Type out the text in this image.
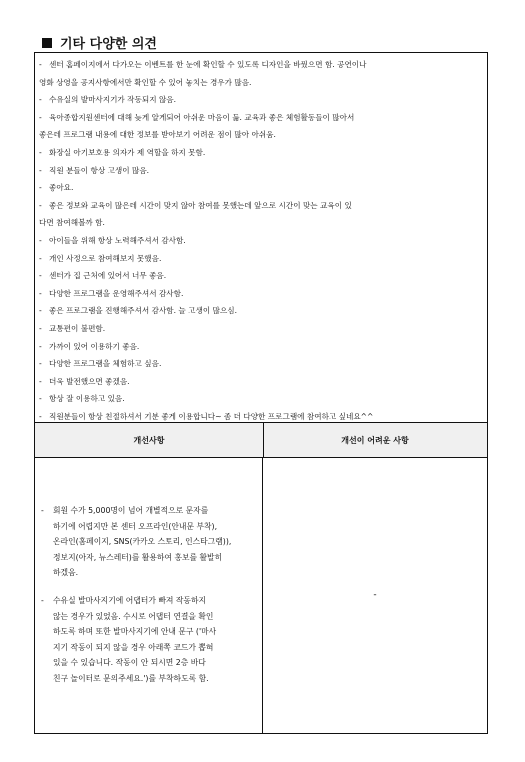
기타 다양한 의견
- 센터 홈페이지에서 다가오는 이벤트를 한 눈에 확인할 수 있도록 디자인을 바꿨으면 함. 공연이나
영화 상영을 공지사항에서만 확인할 수 있어 놓치는 경우가 많음.
- 수유실의 발마사지기가 작동되지 않음.
- 육아종합지원센터에 대해 늦게 알게되어 아쉬운 마음이 듦. 교육과 좋은 체험활동들이 많아서
좋은데 프로그램 내용에 대한 정보를 받아보기 어려운 점이 많아 아쉬움.
- 화장실 아기보호용 의자가 제 역할을 하지 못함.
- 직원 분들이 항상 고생이 많음.
- 좋아요.
- 좋은 정보와 교육이 많은데 시간이 맞지 않아 참여를 못했는데 앞으로 시간이 맞는 교육이 있
다면 참여해볼까 함.
- 아이들을 위해 항상 노력해주셔서 감사함.
- 개인 사정으로 참여해보지 못했음.
- 센터가 집 근처에 있어서 너무 좋음.
- 다양한 프로그램을 운영해주셔서 감사함.
- 좋은 프로그램을 진행해주셔서 감사함. 늘 고생이 많으심.
- 교통편이 불편함.
- 가까이 있어 이용하기 좋음.
- 다양한 프로그램을 체험하고 싶음.
- 더욱 발전했으면 좋겠음.
- 항상 잘 이용하고 있음.
- 직원분들이 항상 친절하셔서 기분 좋게 이용합니다~ 좀 더 다양한 프로그램에 참여하고 싶네요^^
개선사항	개선이 어려운 사항
-	회원 수가 5,000명이 넘어 개별적으로 문자를
하기에 어렵지만 본 센터 오프라인(안내문 부착),
온라인(홈페이지, SNS(카카오 스토리, 인스타그램)),
정보지(아자, 뉴스레터)를 활용하여 홍보를 활발히
하겠음.
-	수유실 발마사지기에 어댑터가 빠져 작동하지
않는 경우가 있었음. 수시로 어댑터 연결을 확인
하도록 하며 또한 발마사지기에 안내 문구 ('마사
지기 작동이 되지 않을 경우 아래쪽 코드가 뽑혀
있을 수 있습니다. 작동이 안 되시면 2층 바다
친구 놀이터로 문의주세요.')를 부착하도록 함.
-
